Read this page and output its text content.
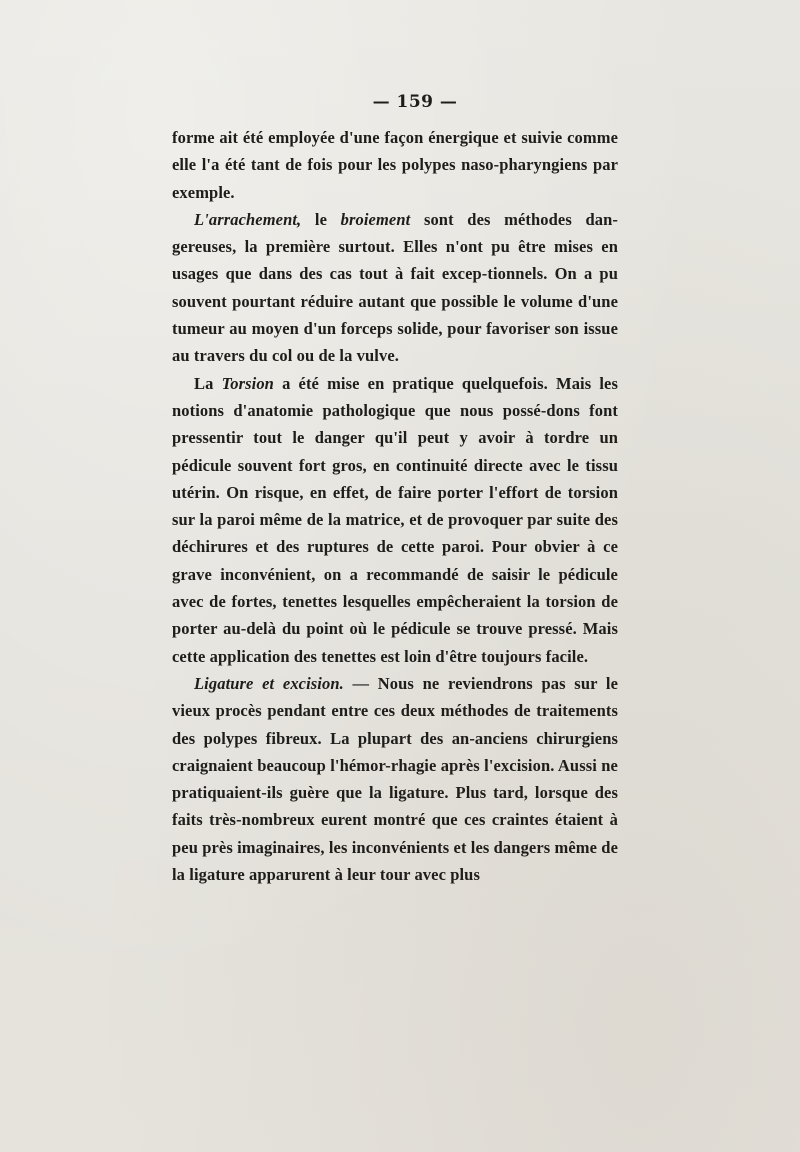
— 159 —

forme ait été employée d'une façon énergique et suivie comme elle l'a été tant de fois pour les polypes naso-pharyngiens par exemple.

L'arrachement, le broiement sont des méthodes dan-gereuses, la première surtout. Elles n'ont pu être mises en usages que dans des cas tout à fait excep-tionnels. On a pu souvent pourtant réduire autant que possible le volume d'une tumeur au moyen d'un forceps solide, pour favoriser son issue au travers du col ou de la vulve.

La Torsion a été mise en pratique quelquefois. Mais les notions d'anatomie pathologique que nous possé-dons font pressentir tout le danger qu'il peut y avoir à tordre un pédicule souvent fort gros, en continuité directe avec le tissu utérin. On risque, en effet, de faire porter l'effort de torsion sur la paroi même de la matrice, et de provoquer par suite des déchirures et des ruptures de cette paroi. Pour obvier à ce grave inconvénient, on a recommandé de saisir le pédicule avec de fortes, tenettes lesquelles empêcheraient la torsion de porter au-delà du point où le pédicule se trouve pressé. Mais cette application des tenettes est loin d'être toujours facile.

Ligature et excision. — Nous ne reviendrons pas sur le vieux procès pendant entre ces deux méthodes de traitements des polypes fibreux. La plupart des an-anciens chirurgiens craignaient beaucoup l'hémor-rhagie après l'excision. Aussi ne pratiquaient-ils guère que la ligature. Plus tard, lorsque des faits très-nombreux eurent montré que ces craintes étaient à peu près imaginaires, les inconvénients et les dangers même de la ligature apparurent à leur tour avec plus
